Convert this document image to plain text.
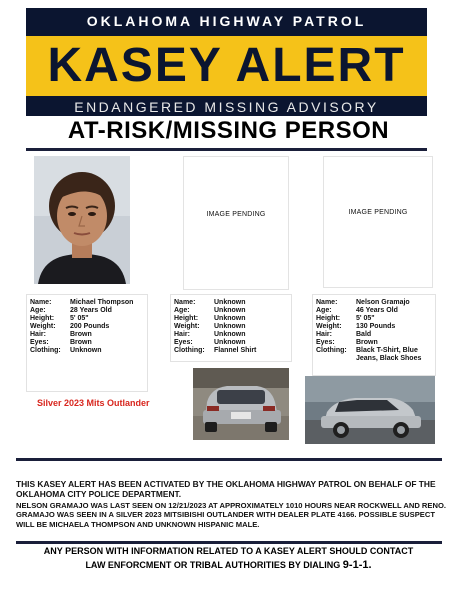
OKLAHOMA HIGHWAY PATROL
KASEY ALERT
ENDANGERED MISSING ADVISORY
AT-RISK/MISSING PERSON
IMAGE PENDING	IMAGE PENDING
Name:	Michael Thompson
Age:	28 Years Old
Height:	5' 05"
Weight:	200 Pounds
Hair:	Brown
Eyes:	Brown
Clothing:	Unknown
Name:	Unknown
Age:	Unknown
Height:	Unknown
Weight:	Unknown
Hair:	Unknown
Eyes:	Unknown
Clothing:	Flannel Shirt
Name:	Nelson Gramajo
Age:	46 Years Old
Height:	5' 05"
Weight:	130 Pounds
Hair:	Bald
Eyes:	Brown
Clothing:	Black T-Shirt, Blue Jeans, Black Shoes
Silver 2023 Mits Outlander
THIS KASEY ALERT HAS BEEN ACTIVATED BY THE OKLAHOMA HIGHWAY PATROL ON BEHALF OF THE OKLAHOMA CITY POLICE DEPARTMENT.
NELSON GRAMAJO WAS LAST SEEN ON 12/21/2023 AT APPROXIMATELY 1010 HOURS NEAR ROCKWELL AND RENO. GRAMAJO WAS SEEN IN A SILVER 2023 MITSIBISHI OUTLANDER WITH DEALER PLATE 4166. POSSIBLE SUSPECT WILL BE MICHAELA THOMPSON AND UNKNOWN HISPANIC MALE.
ANY PERSON WITH INFORMATION RELATED TO A KASEY ALERT SHOULD CONTACT
LAW ENFORCMENT OR TRIBAL AUTHORITIES BY DIALING 9-1-1.
